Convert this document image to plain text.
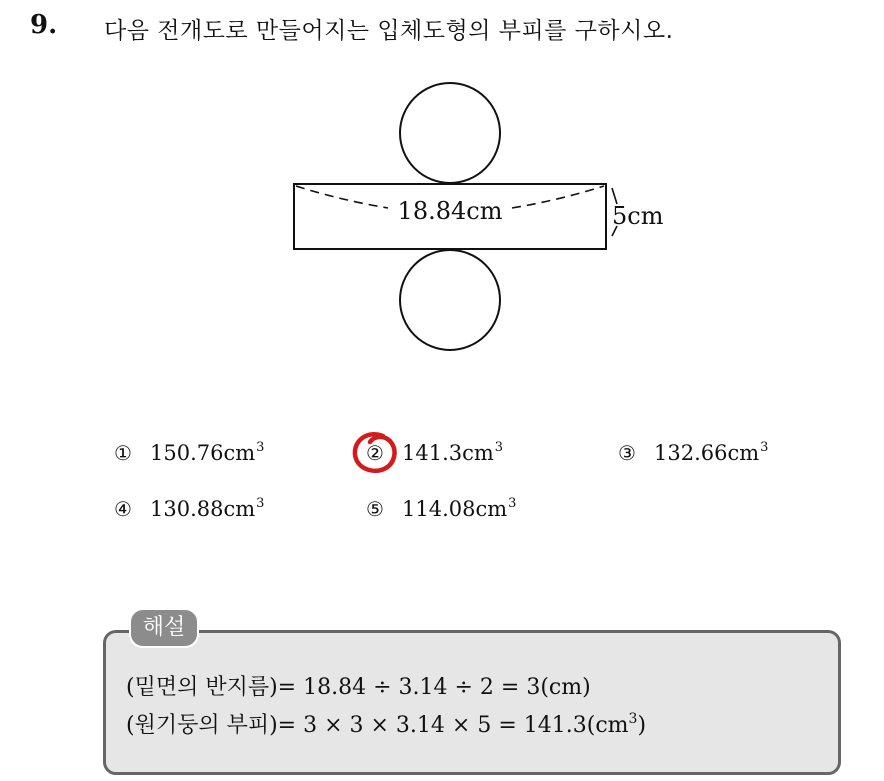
9. 다음 전개도로 만들어지는 입체도형의 부피를 구하시오.
18.84cm	5cm
① $150.76cm^3$	② $141.3cm^3$	③ $132.66cm^3$
④ $130.88cm^3$	⑤ $114.08cm^3$
해설
(밑면의 반지름)= 18.84 ÷ 3.14 ÷ 2 = 3(cm)
(원기둥의 부피)= $3 \times 3 \times 3.14 \times 5 = 141.3(cm^3)$
